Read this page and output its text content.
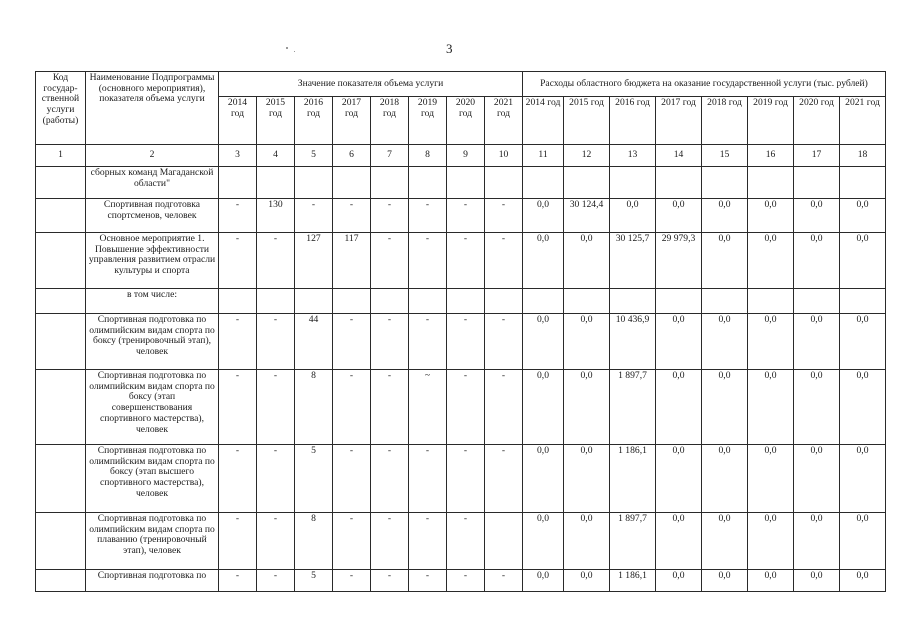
3
Код государ-ственной услуги (работы)	Наименование Подпрограммы (основного мероприятия), показателя объема услуги	Значение показателя объема услуги								Расходы областного бюджета на оказание государственной услуги (тыс. рублей)							
		2014 год	2015 год	2016 год	2017 год	2018 год	2019 год	2020 год	2021 год	2014 год	2015 год	2016 год	2017 год	2018 год	2019 год	2020 год	2021 год
1	2	3	4	5	6	7	8	9	10	11	12	13	14	15	16	17	18
	сборных команд Магаданской области"																
	Спортивная подготовка спортсменов, человек	-	130	-	-	-	-	-	-	0,0	30 124,4	0,0	0,0	0,0	0,0	0,0	0,0
	Основное мероприятие 1. Повышение эффективности управления развитием отрасли культуры и спорта	-	-	127	117	-	-	-	-	0,0	0,0	30 125,7	29 979,3	0,0	0,0	0,0	0,0
	в том числе:																
	Спортивная подготовка по олимпийским видам спорта по боксу (тренировочный этап), человек	-	-	44	-	-	-	-	-	0,0	0,0	10 436,9	0,0	0,0	0,0	0,0	0,0
	Спортивная подготовка по олимпийским видам спорта по боксу (этап совершенствования спортивного мастерства), человек	-	-	8	-	-	~	-	-	0,0	0,0	1 897,7	0,0	0,0	0,0	0,0	0,0
	Спортивная подготовка по олимпийским видам спорта по боксу (этап высшего спортивного мастерства), человек	-	-	5	-	-	-	-	-	0,0	0,0	1 186,1	0,0	0,0	0,0	0,0	0,0
	Спортивная подготовка по олимпийским видам спорта по плаванию (тренировочный этап), человек	-	-	8	-	-	-	-		0,0	0,0	1 897,7	0,0	0,0	0,0	0,0	0,0
	Спортивная подготовка по	-	-	5	-	-	-	-	-	0,0	0,0	1 186,1	0,0	0,0	0,0	0,0	0,0
